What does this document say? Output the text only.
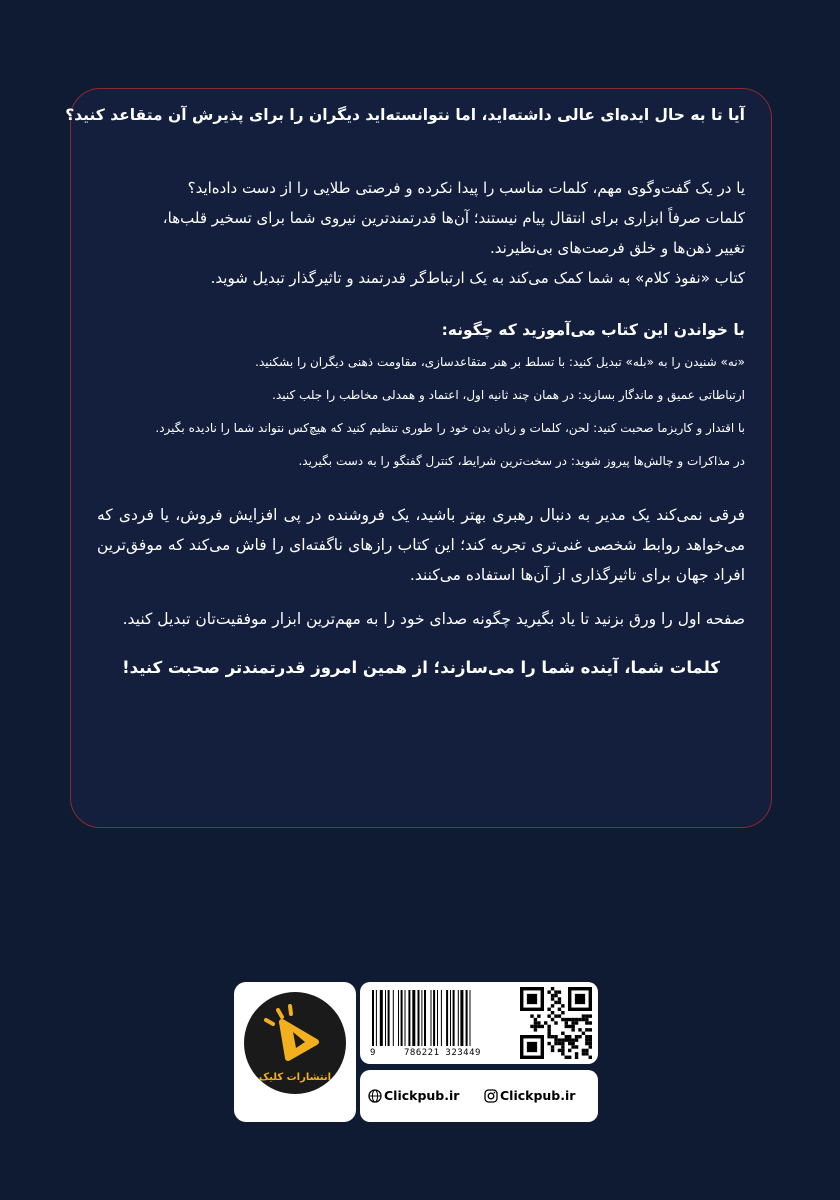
آیا تا به حال ایده‌ای عالی داشته‌اید، اما نتوانسته‌اید دیگران را برای پذیرش آن متقاعد کنید؟

یا در یک گفت‌وگوی مهم، کلمات مناسب را پیدا نکرده و فرصتی طلایی را از دست داده‌اید؟

کلمات صرفاً ابزاری برای انتقال پیام نیستند؛ آن‌ها قدرتمندترین نیروی شما برای تسخیر قلب‌ها،

تغییر ذهن‌ها و خلق فرصت‌های بی‌نظیرند.

کتاب «نفوذ کلام» به شما کمک می‌کند به یک ارتباط‌گر قدرتمند و تاثیرگذار تبدیل شوید.

با خواندن این کتاب می‌آموزید که چگونه:
«نه» شنیدن را به «بله» تبدیل کنید: با تسلط بر هنر متقاعدسازی، مقاومت ذهنی دیگران را بشکنید.
ارتباطاتی عمیق و ماندگار بسازید: در همان چند ثانیه اول، اعتماد و همدلی مخاطب را جلب کنید.
با اقتدار و کاریزما صحبت کنید: لحن، کلمات و زبان بدن خود را طوری تنظیم کنید که هیچ‌کس نتواند شما را نادیده بگیرد.
در مذاکرات و چالش‌ها پیروز شوید: در سخت‌ترین شرایط، کنترل گفتگو را به دست بگیرید.
فرقی نمی‌کند یک مدیر به دنبال رهبری بهتر باشید، یک فروشنده در پی افزایش فروش، یا فردی که می‌خواهد روابط شخصی غنی‌تری تجربه کند؛ این کتاب رازهای ناگفته‌ای را فاش می‌کند که موفق‌ترین افراد جهان برای تاثیرگذاری از آن‌ها استفاده می‌کنند.
صفحه اول را ورق بزنید تا یاد بگیرید چگونه صدای خود را به مهم‌ترین ابزار موفقیت‌تان تبدیل کنید.
کلمات شما، آینده شما را می‌سازند؛ از همین امروز قدرتمندتر صحبت کنید!
انتشارات کلیک
9	786221 323449
Clickpub.ir	Clickpub.ir
